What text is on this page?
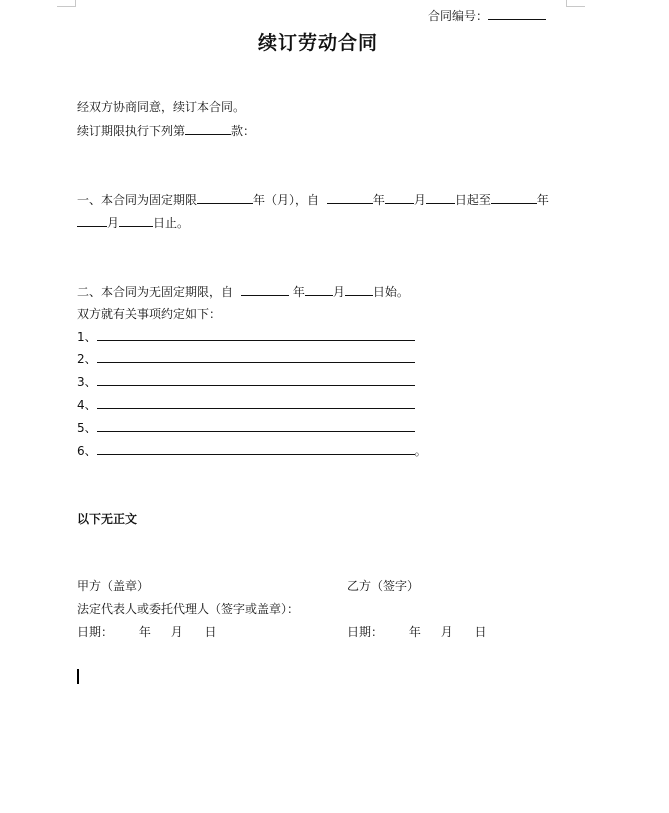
合同编号：
续订劳动合同
经双方协商同意，续订本合同。
续订期限执行下列第	款：
一、本合同为固定期限	年（月），自	年 月 日起至	年
月	日止。
二、本合同为无固定期限，自	年 月 日始。
双方就有关事项约定如下：
1、
2、
3、
4、
5、
6、	。
以下无正文
甲方（盖章）	乙方（签字）
法定代表人或委托代理人（签字或盖章）：
日期： 年 月 日	日期： 年 月 日
